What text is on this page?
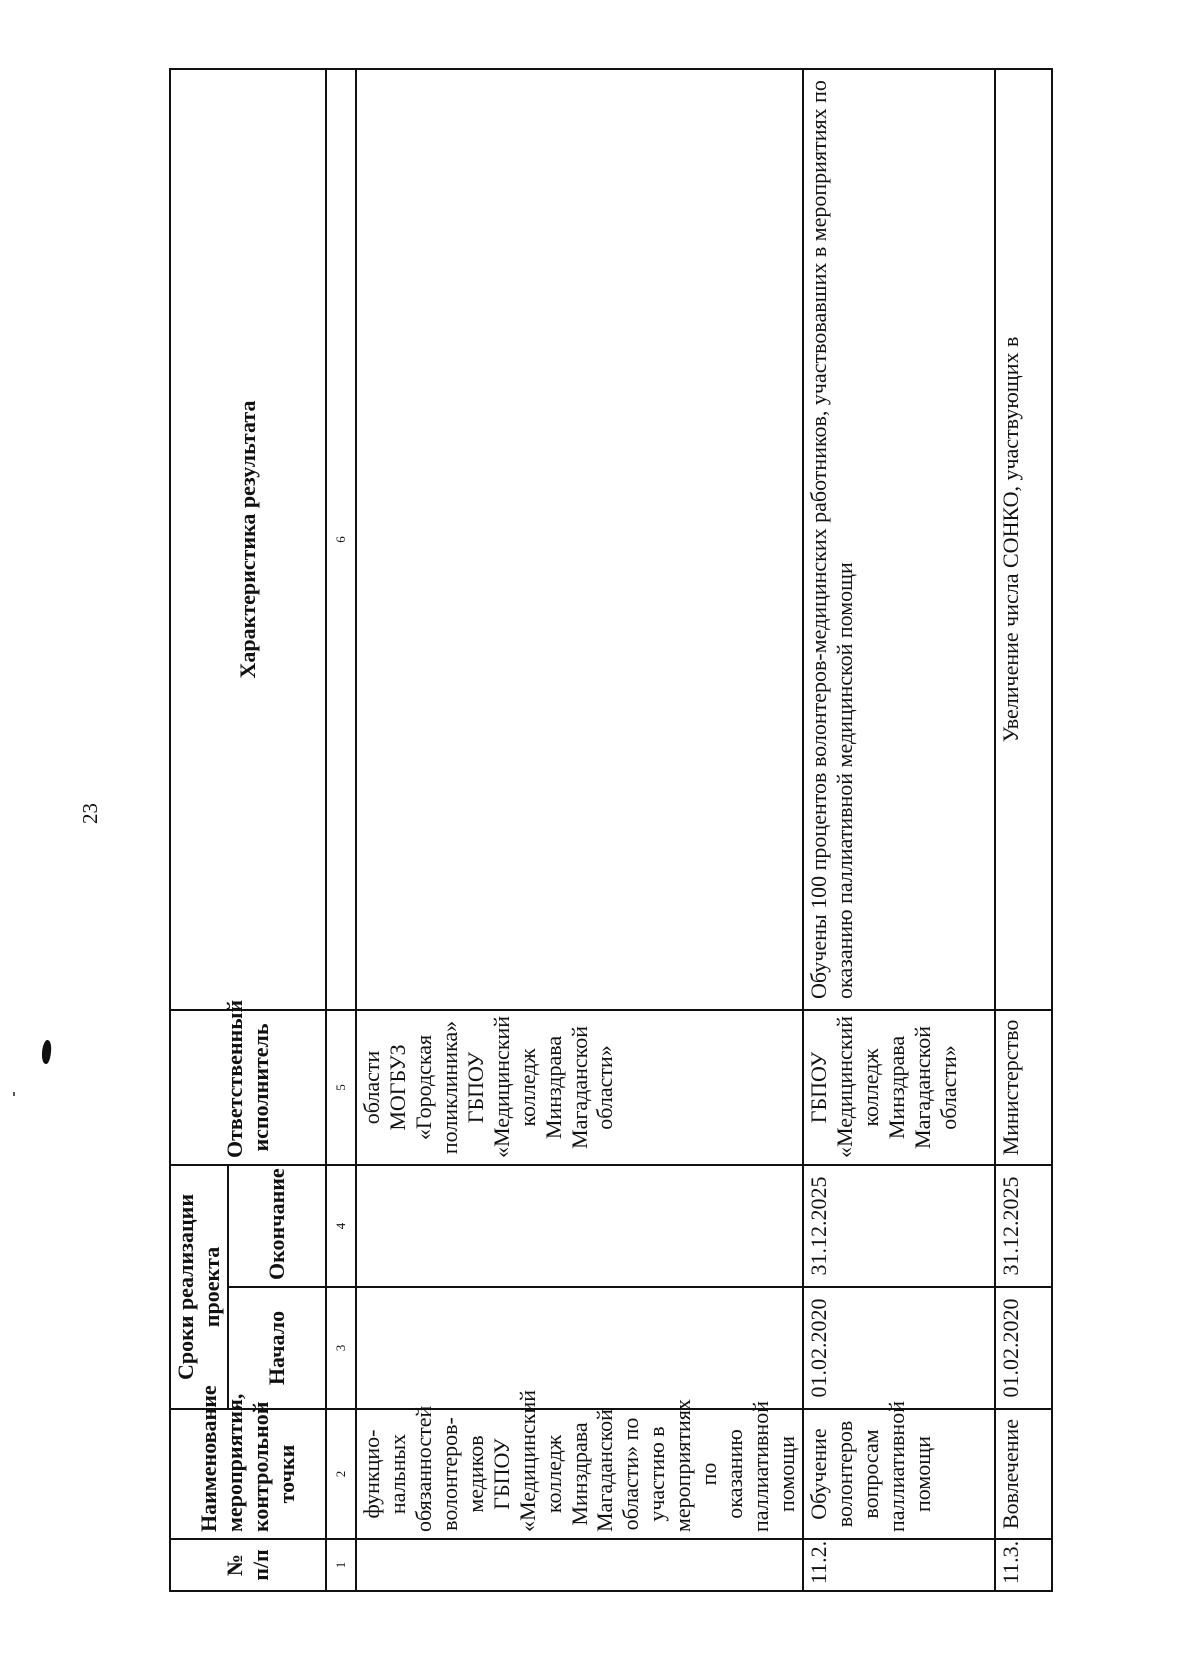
23
№ п/п	Наименование мероприятия, контрольной точки	Сроки реализации проекта		Ответственный исполнитель	Характеристика результата
		Начало	Окончание		
1	2	3	4	5	6
	функцио-нальных обязанностей волонтеров-медиков ГБПОУ «Медицинский колледж Минздрава Магаданской области» по участию в мероприятиях по оказанию паллиативной помощи			области МОГБУЗ «Городская поликлиника» ГБПОУ «Медицинский колледж Минздрава Магаданской области»	
11.2.	Обучение волонтеров вопросам паллиативной помощи	01.02.2020	31.12.2025	ГБПОУ «Медицинский колледж Минздрава Магаданской области»	Обучены 100 процентов волонтеров-медицинских работников, участвовавших в мероприятиях по оказанию паллиативной медицинской помощи
11.3.	Вовлечение	01.02.2020	31.12.2025	Министерство	Увеличение числа СОНКО, участвующих в
